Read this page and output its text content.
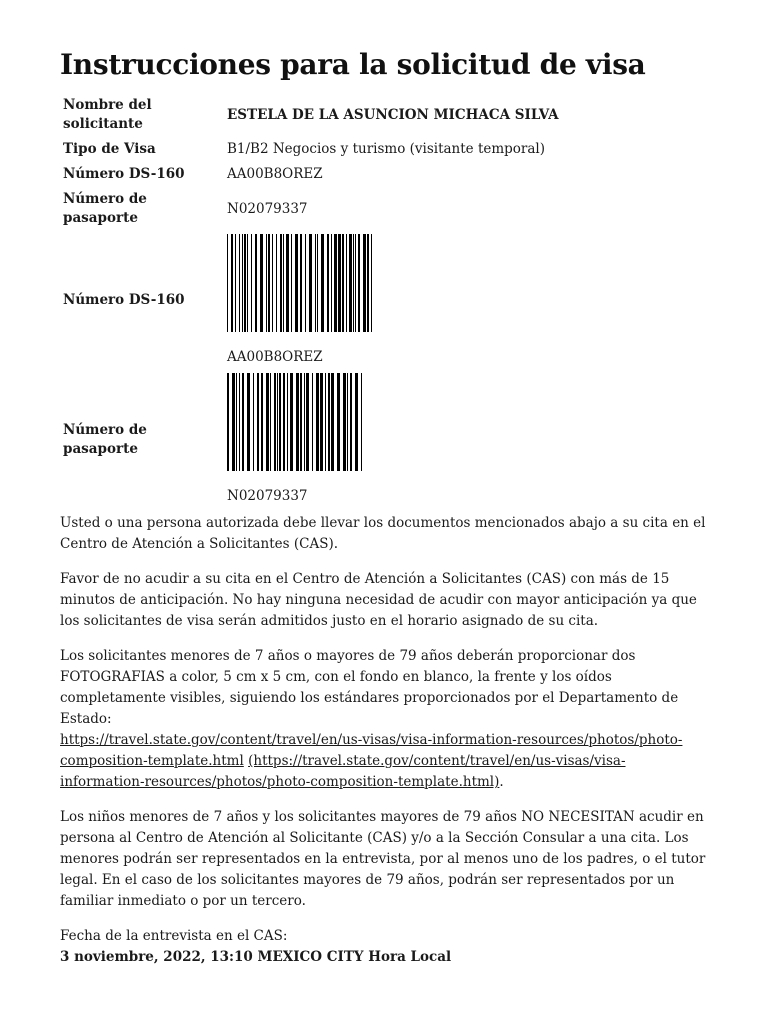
Instrucciones para la solicitud de visa
Nombre del solicitante	ESTELA DE LA ASUNCION MICHACA SILVA
Tipo de Visa	B1/B2 Negocios y turismo (visitante temporal)
Número DS-160	AA00B8OREZ
Número de pasaporte	N02079337
Número DS-160	AA00B8OREZ

Número de pasaporte	N02079337

Usted o una persona autorizada debe llevar los documentos mencionados abajo a su cita en el Centro de Atención a Solicitantes (CAS).

Favor de no acudir a su cita en el Centro de Atención a Solicitantes (CAS) con más de 15 minutos de anticipación. No hay ninguna necesidad de acudir con mayor anticipación ya que los solicitantes de visa serán admitidos justo en el horario asignado de su cita.

Los solicitantes menores de 7 años o mayores de 79 años deberán proporcionar dos FOTOGRAFIAS a color, 5 cm x 5 cm, con el fondo en blanco, la frente y los oídos completamente visibles, siguiendo los estándares proporcionados por el Departamento de Estado:
https://travel.state.gov/content/travel/en/us-visas/visa-information-resources/photos/photo-composition-template.html (https://travel.state.gov/content/travel/en/us-visas/visa-information-resources/photos/photo-composition-template.html).

Los niños menores de 7 años y los solicitantes mayores de 79 años NO NECESITAN acudir en persona al Centro de Atención al Solicitante (CAS) y/o a la Sección Consular a una cita. Los menores podrán ser representados en la entrevista, por al menos uno de los padres, o el tutor legal. En el caso de los solicitantes mayores de 79 años, podrán ser representados por un familiar inmediato o por un tercero.

Fecha de la entrevista en el CAS:
3 noviembre, 2022, 13:10 MEXICO CITY Hora Local
